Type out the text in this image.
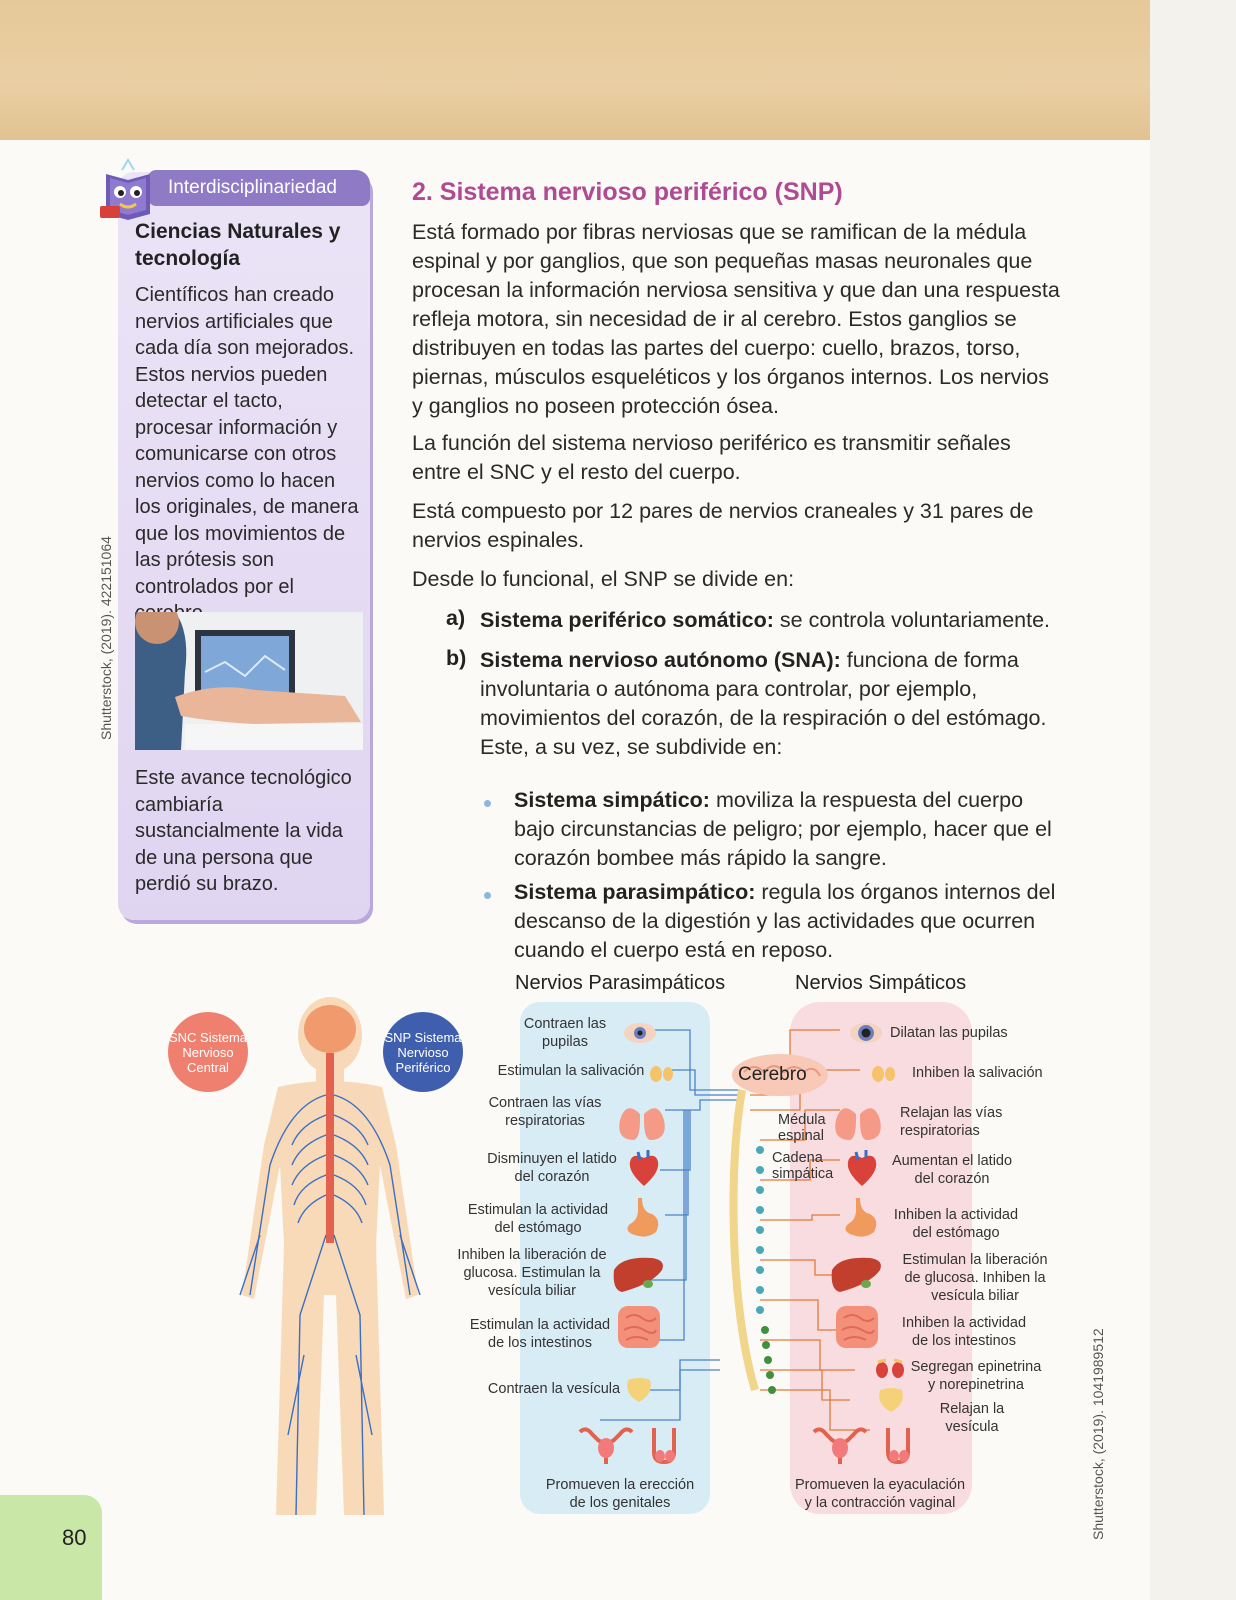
Interdisciplinariedad
Ciencias Naturales y tecnología
Científicos han creado nervios artificiales que cada día son mejorados. Estos nervios pueden detectar el tacto, procesar información y comunicarse con otros nervios como lo hacen los originales, de manera que los movimientos de las prótesis son controlados por el
Este avance tecnológico cambiaría sustancialmente la vida de una persona que perdió su brazo.
Shutterstock, (2019). 422151064
Shutterstock, (2019). 1041989512
2. Sistema nervioso periférico (SNP)

Está formado por fibras nerviosas que se ramifican de la médula espinal y por ganglios, que son pequeñas masas neuronales que procesan la información nerviosa sensitiva y que dan una respuesta refleja motora, sin necesidad de ir al cerebro. Estos ganglios se distribuyen en todas las partes del cuerpo: cuello, brazos, torso, piernas, músculos esqueléticos y los órganos internos. Los nervios y ganglios no poseen protección ósea.

La función del sistema nervioso periférico es transmitir señales entre el SNC y el resto del cuerpo.

Está compuesto por 12 pares de nervios craneales y 31 pares de nervios espinales.

Desde lo funcional, el SNP se divide en:

a) Sistema periférico somático: se controla voluntariamente.
b) Sistema nervioso autónomo (SNA): funciona de forma involuntaria o autónoma para controlar, por ejemplo, movimientos del corazón, de la respiración o del estómago. Este, a su vez, se subdivide en:
Sistema simpático: moviliza la respuesta del cuerpo bajo circunstancias de peligro; por ejemplo, hacer que el corazón bombee más rápido la sangre.
Sistema parasimpático: regula los órganos internos del descanso de la digestión y las actividades que ocurren cuando el cuerpo está en reposo.
SNC Sistema Nervioso Central
SNP Sistema Nervioso Periférico
Nervios Parasimpáticos	Nervios Simpáticos
Cerebro
Médula espinal
Cadena simpática
Contraen las pupilas
Estimulan la salivación
Contraen las vías respiratorias
Disminuyen el latido del corazón
Estimulan la actividad del estómago
Inhiben la liberación de glucosa. Estimulan la vesícula biliar
Estimulan la actividad de los intestinos
Contraen la vesícula
Promueven la erección de los genitales
Dilatan las pupilas
Inhiben la salivación
Relajan las vías respiratorias
Aumentan el latido del corazón
Inhiben la actividad del estómago
Estimulan la liberación de glucosa. Inhiben la vesícula biliar
Inhiben la actividad de los intestinos
Segregan epinetrina y norepinetrina
Relajan la vesícula
Promueven la eyaculación y la contracción vaginal
80
